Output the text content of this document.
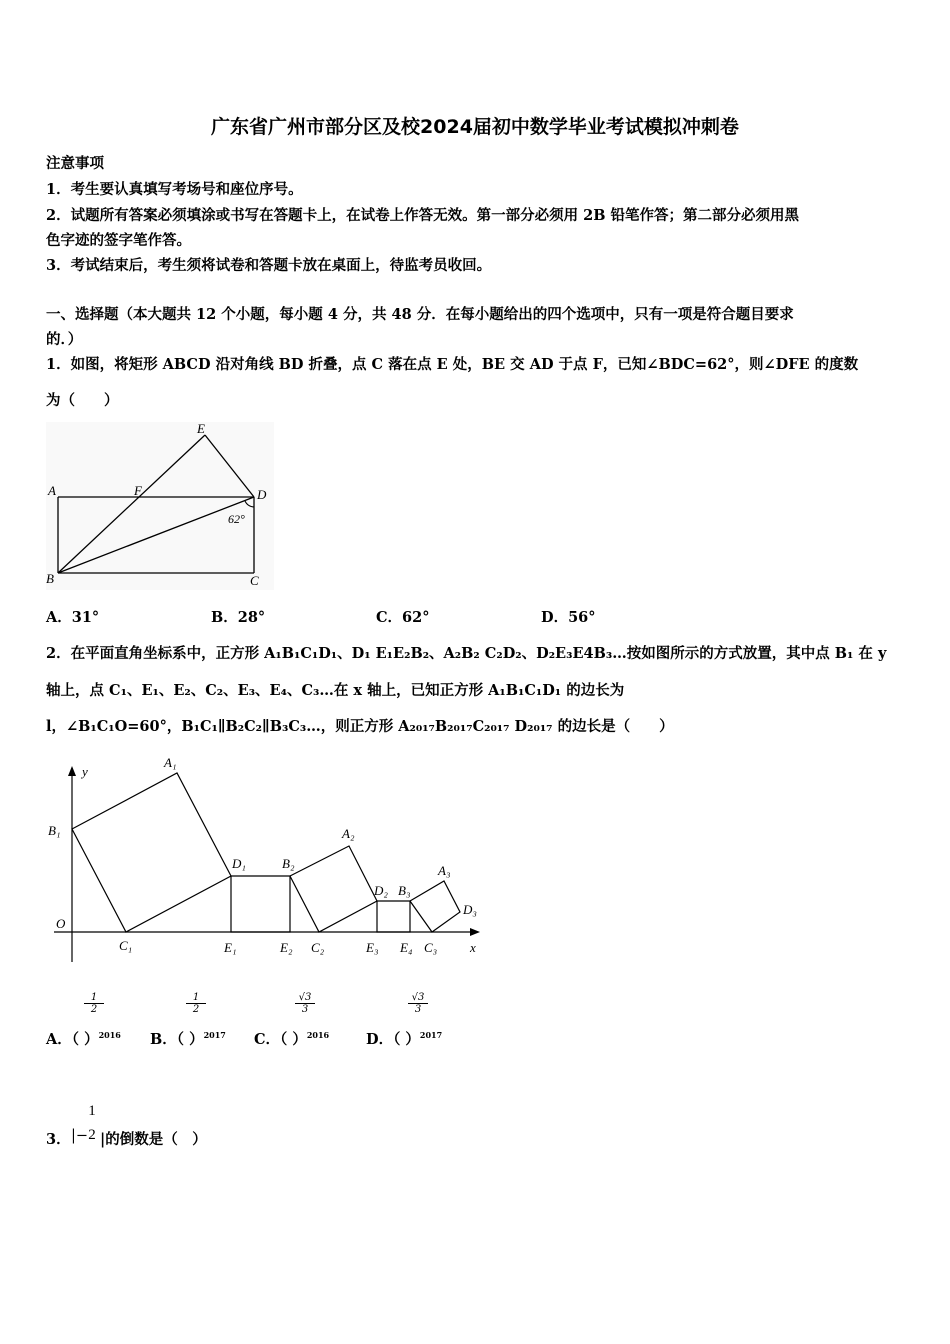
广东省广州市部分区及校2024届初中数学毕业考试模拟冲刺卷
注意事项
1．考生要认真填写考场号和座位序号。
2．试题所有答案必须填涂或书写在答题卡上，在试卷上作答无效。第一部分必须用 2B 铅笔作答；第二部分必须用黑
色字迹的签字笔作答。
3．考试结束后，考生须将试卷和答题卡放在桌面上，待监考员收回。
一、选择题（本大题共 12 个小题，每小题 4 分，共 48 分．在每小题给出的四个选项中，只有一项是符合题目要求
的．）
1．如图，将矩形 ABCD 沿对角线 BD 折叠，点 C 落在点 E 处，BE 交 AD 于点 F，已知∠BDC=62°，则∠DFE 的度数
为（　　）
A
B	C
D
E
F
62°
A．31°	B．28°	C．62°	D．56°
2．在平面直角坐标系中，正方形 A₁B₁C₁D₁、D₁ E₁E₂B₂、A₂B₂ C₂D₂、D₂E₃E4B₃…按如图所示的方式放置，其中点 B₁ 在 y
轴上，点 C₁、E₁、E₂、C₂、E₃、E₄、C₃…在 x 轴上，已知正方形 A₁B₁C₁D₁ 的边长为
l，∠B₁C₁O=60°，B₁C₁∥B₂C₂∥B₃C₃…，则正方形 A₂₀₁₇B₂₀₁₇C₂₀₁₇ D₂₀₁₇ 的边长是（　　）
y
x
O
A₁
B₁
C₁
D₁	B₂
A₂
C₂
D₂ B₃
A₃
C₃
D₃
E₁	E₂	E₃ E₄
$\frac{1}{2}$
A．（ ）$^{2016}$
$\frac{1}{2}$
B．（ ）$^{2017}$
$\frac{√3}{3}$
C．（ ）$^{2016}$
$\frac{√3}{3}$
D．（ ）$^{2017}$
3． |−
1
2 |的倒数是（　）
